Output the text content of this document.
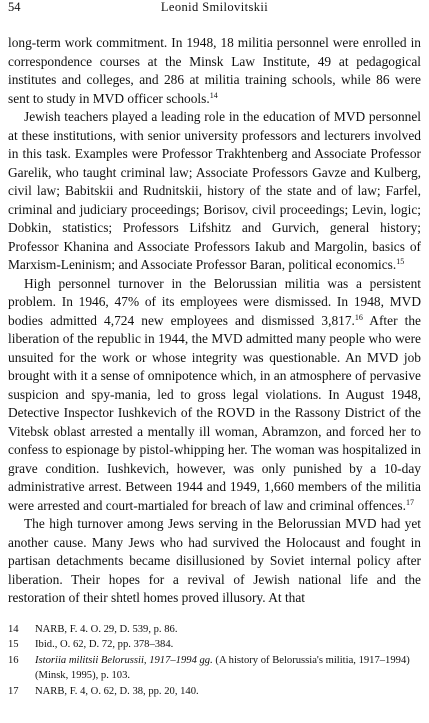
54	Leonid Smilovitskii

long-term work commitment. In 1948, 18 militia personnel were enrolled in correspondence courses at the Minsk Law Institute, 49 at pedagogical institutes and colleges, and 286 at militia training schools, while 86 were sent to study in MVD officer schools.$^{14}$

Jewish teachers played a leading role in the education of MVD personnel at these institutions, with senior university professors and lecturers involved in this task. Examples were Professor Trakhtenberg and Associate Professor Garelik, who taught criminal law; Associate Professors Gavze and Kulberg, civil law; Babitskii and Rudnitskii, history of the state and of law; Farfel, criminal and judiciary proceedings; Borisov, civil proceedings; Levin, logic; Dobkin, statistics; Professors Lifshitz and Gurvich, general history; Professor Khanina and Associate Professors Iakub and Margolin, basics of Marxism-Leninism; and Associate Professor Baran, political economics.$^{15}$

High personnel turnover in the Belorussian militia was a persistent problem. In 1946, 47% of its employees were dismissed. In 1948, MVD bodies admitted 4,724 new employees and dismissed 3,817.16 After the liberation of the republic in 1944, the MVD admitted many people who were unsuited for the work or whose integrity was questionable. An MVD job brought with it a sense of omnipotence which, in an atmosphere of pervasive suspicion and spy-mania, led to gross legal violations. In August 1948, Detective Inspector Iushkevich of the ROVD in the Rassony District of the Vitebsk oblast arrested a mentally ill woman, Abramzon, and forced her to confess to espionage by pistol-whipping her. The woman was hospitalized in grave condition. Iushkevich, however, was only punished by a 10-day administrative arrest. Between 1944 and 1949, 1,660 members of the militia were arrested and court-martialed for breach of law and criminal offences.$^{17}$

The high turnover among Jews serving in the Belorussian MVD had yet another cause. Many Jews who had survived the Holocaust and fought in partisan detachments became disillusioned by Soviet internal policy after liberation. Their hopes for a revival of Jewish national life and the restoration of their shtetl homes proved illusory. At that

14	NARB, F. 4. O. 29, D. 539, p. 86.
15	Ibid., O. 62, D. 72, pp. 378–384.
16	Istoriia militsii Belorussii, 1917–1994 gg. (A history of Belorussia's militia, 1917–1994) (Minsk, 1995), p. 103.
17	NARB, F. 4, O. 62, D. 38, pp. 20, 140.
